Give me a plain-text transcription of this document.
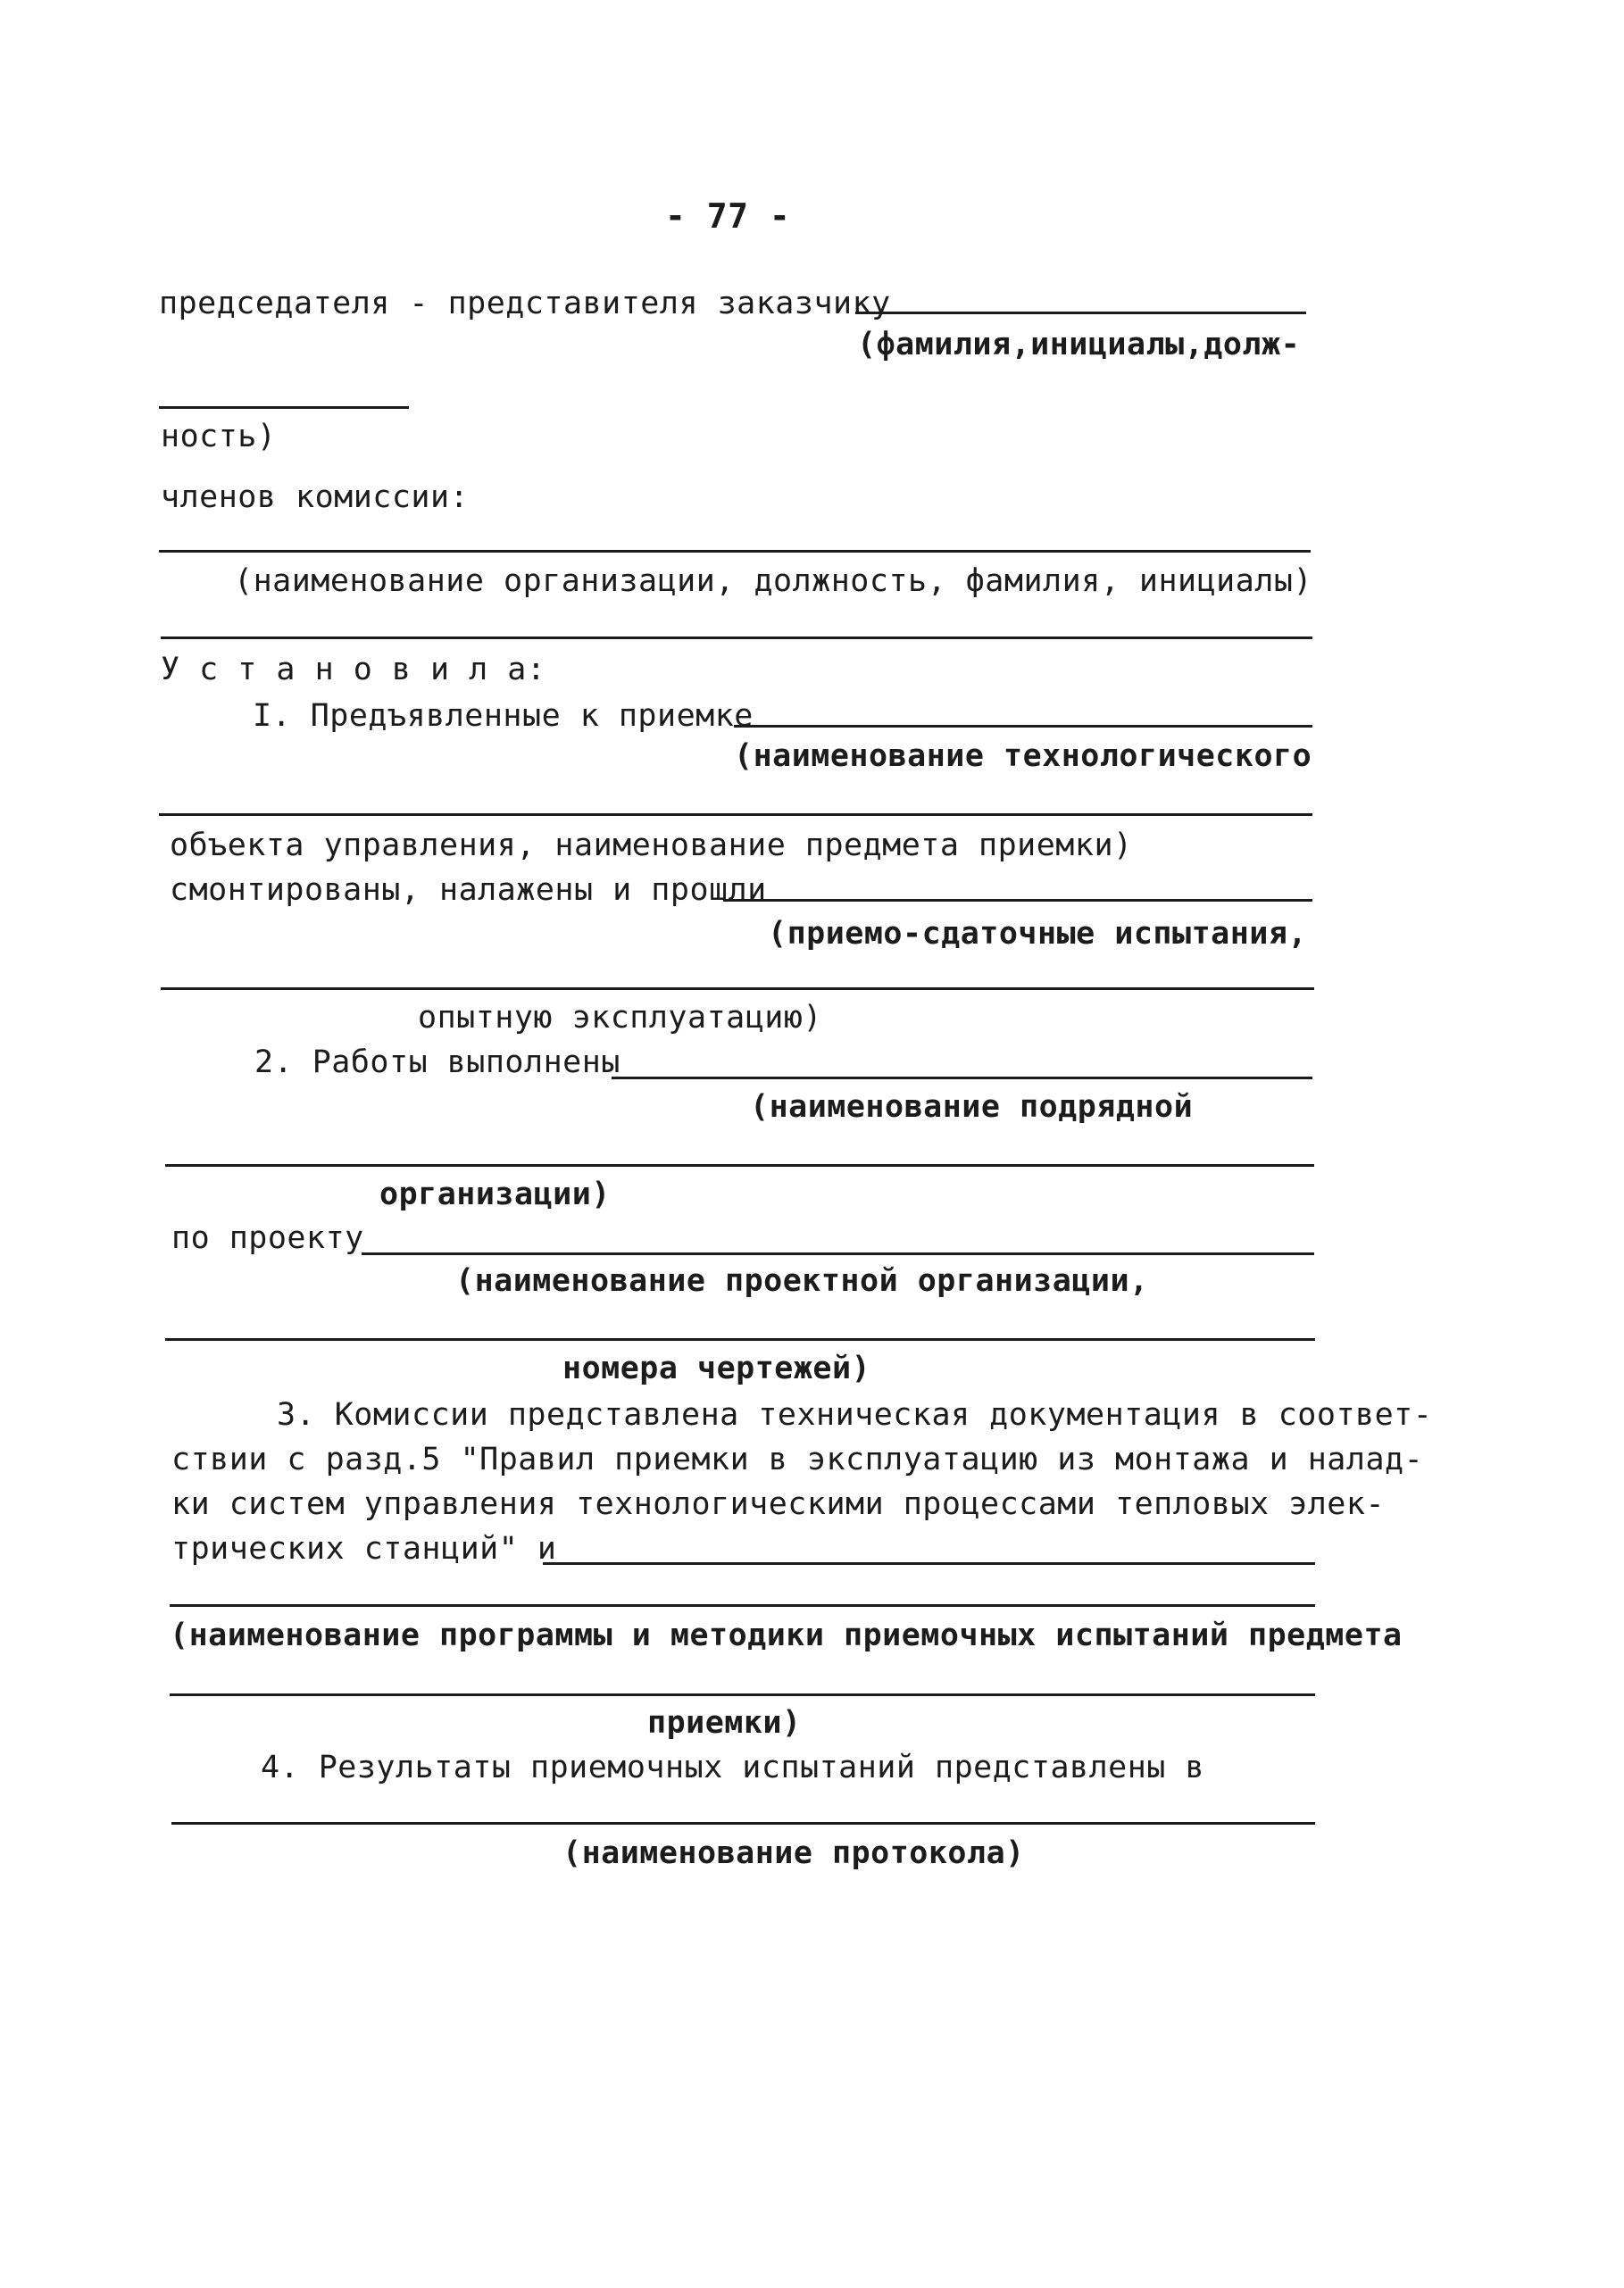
- 77 -
председателя - представителя заказчику
(фамилия,инициалы,долж-
ность)
членов комиссии:
(наименование организации, должность, фамилия, инициалы)
У с т а н о в и л а:
I. Предъявленные к приемке
(наименование технологического
объекта управления, наименование предмета приемки)
смонтированы, налажены и прошли
(приемо-сдаточные испытания,
опытную эксплуатацию)
2. Работы выполнены
(наименование подрядной
организации)
по проекту
(наименование проектной организации,
номера чертежей)
3. Комиссии представлена техническая документация в соответ-
ствии с разд.5 "Правил приемки в эксплуатацию из монтажа и налад-
ки систем управления технологическими процессами тепловых элек-
трических станций" и
(наименование программы и методики приемочных испытаний предмета
приемки)
4. Результаты приемочных испытаний представлены в
(наименование протокола)
